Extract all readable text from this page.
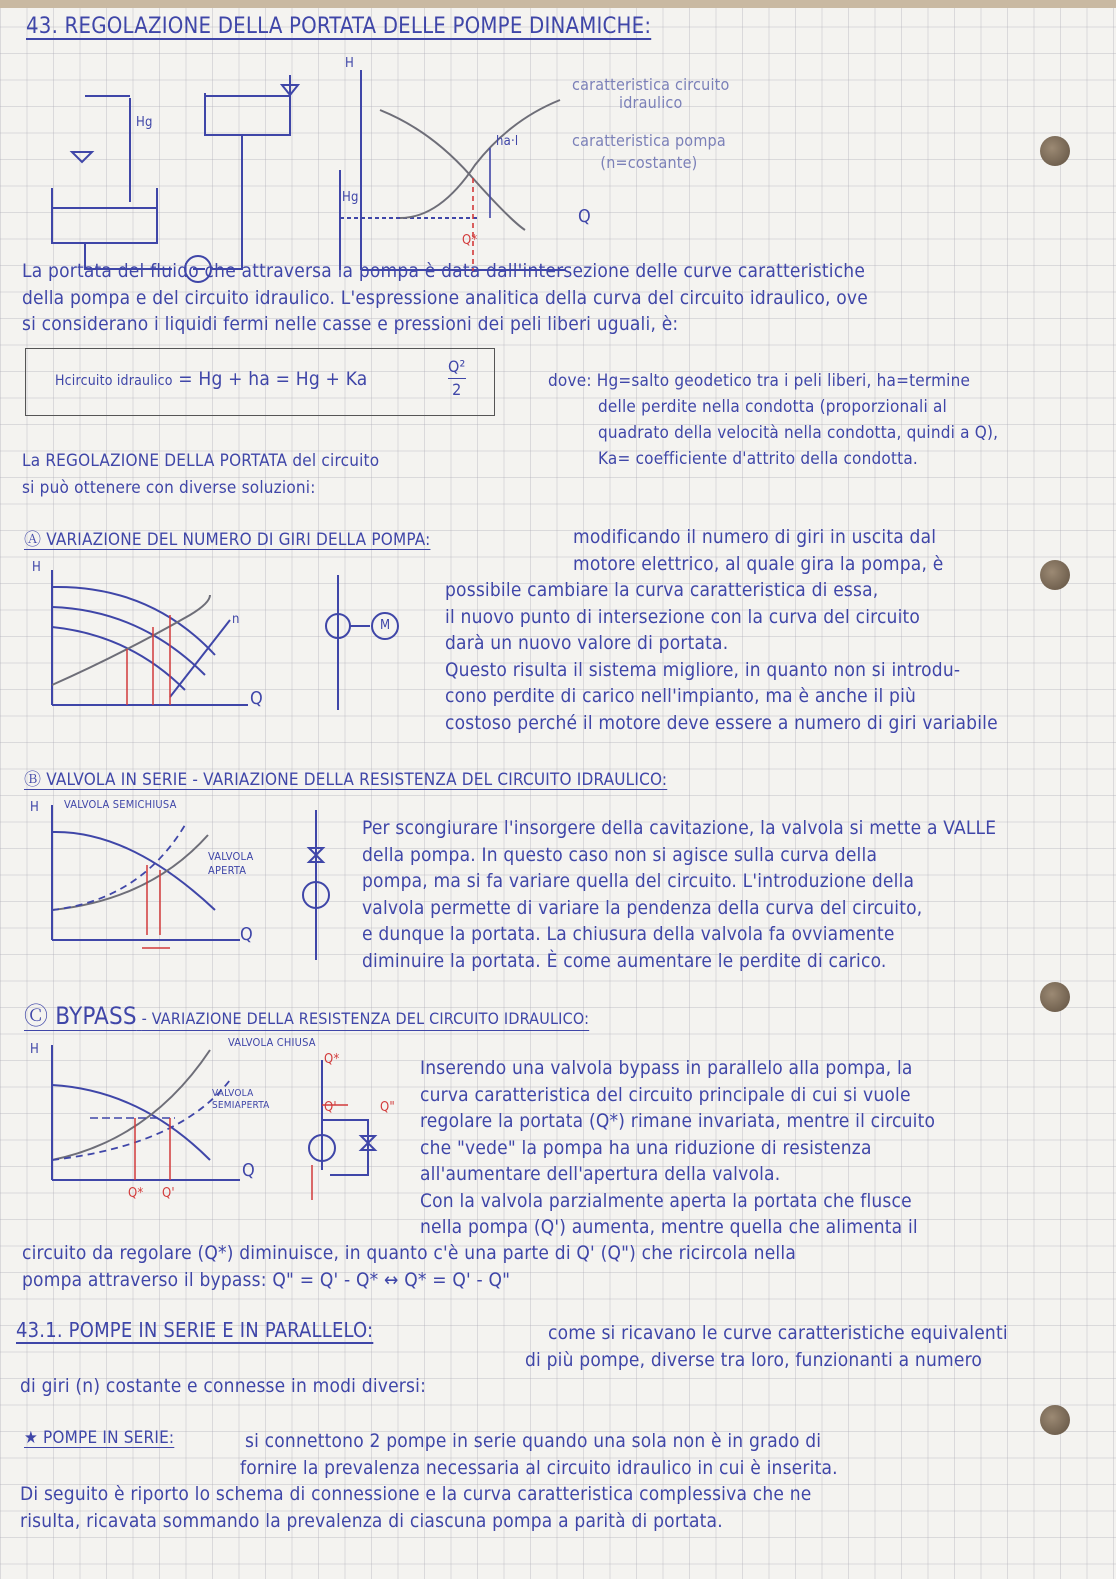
43. REGOLAZIONE DELLA PORTATA DELLE POMPE DINAMICHE:
H
Q
Hg
Hg
Q*
ha·l
caratteristica circuito
idraulico
caratteristica pompa
(n=costante)
La portata del fluido che attraversa la pompa è data dall'intersezione delle curve caratteristiche
della pompa e del circuito idraulico. L'espressione analitica della curva del circuito idraulico, ove
si considerano i liquidi fermi nelle casse e pressioni dei peli liberi uguali, è:
Hcircuito idraulico = Hg + ha = Hg + Ka
Q²
2	dove: Hg=salto geodetico tra i peli liberi, ha=termine
delle perdite nella condotta (proporzionali al
quadrato della velocità nella condotta, quindi a Q),
Ka= coefficiente d'attrito della condotta.
La REGOLAZIONE DELLA PORTATA del circuito
si può ottenere con diverse soluzioni:
Ⓐ VARIAZIONE DEL NUMERO DI GIRI DELLA POMPA:
H
Q
n	M
modificando il numero di giri in uscita dal
motore elettrico, al quale gira la pompa, è
possibile cambiare la curva caratteristica di essa,
il nuovo punto di intersezione con la curva del circuito
darà un nuovo valore di portata.
Questo risulta il sistema migliore, in quanto non si introdu-
cono perdite di carico nell'impianto, ma è anche il più
costoso perché il motore deve essere a numero di giri variabile
Ⓑ VALVOLA IN SERIE - VARIAZIONE DELLA RESISTENZA DEL CIRCUITO IDRAULICO:
H VALVOLA SEMICHIUSA
VALVOLA
APERTA
Q
Per scongiurare l'insorgere della cavitazione, la valvola si mette a VALLE
della pompa. In questo caso non si agisce sulla curva della
pompa, ma si fa variare quella del circuito. L'introduzione della
valvola permette di variare la pendenza della curva del circuito,
e dunque la portata. La chiusura della valvola fa ovviamente
diminuire la portata. È come aumentare le perdite di carico.
Ⓒ BYPASS - VARIAZIONE DELLA RESISTENZA DEL CIRCUITO IDRAULICO:
H	VALVOLA CHIUSA
VALVOLA
SEMIAPERTA
Q
Q* Q'
Q*
Q'	Q"
Inserendo una valvola bypass in parallelo alla pompa, la
curva caratteristica del circuito principale di cui si vuole
regolare la portata (Q*) rimane invariata, mentre il circuito
che "vede" la pompa ha una riduzione di resistenza
all'aumentare dell'apertura della valvola.
Con la valvola parzialmente aperta la portata che flusce
nella pompa (Q') aumenta, mentre quella che alimenta il
circuito da regolare (Q*) diminuisce, in quanto c'è una parte di Q' (Q") che ricircola nella
pompa attraverso il bypass: Q" = Q' - Q* ↔ Q* = Q' - Q"
43.1. POMPE IN SERIE E IN PARALLELO:	come si ricavano le curve caratteristiche equivalenti
di più pompe, diverse tra loro, funzionanti a numero
di giri (n) costante e connesse in modi diversi:
★ POMPE IN SERIE:	si connettono 2 pompe in serie quando una sola non è in grado di
fornire la prevalenza necessaria al circuito idraulico in cui è inserita.
Di seguito è riporto lo schema di connessione e la curva caratteristica complessiva che ne
risulta, ricavata sommando la prevalenza di ciascuna pompa a parità di portata.
